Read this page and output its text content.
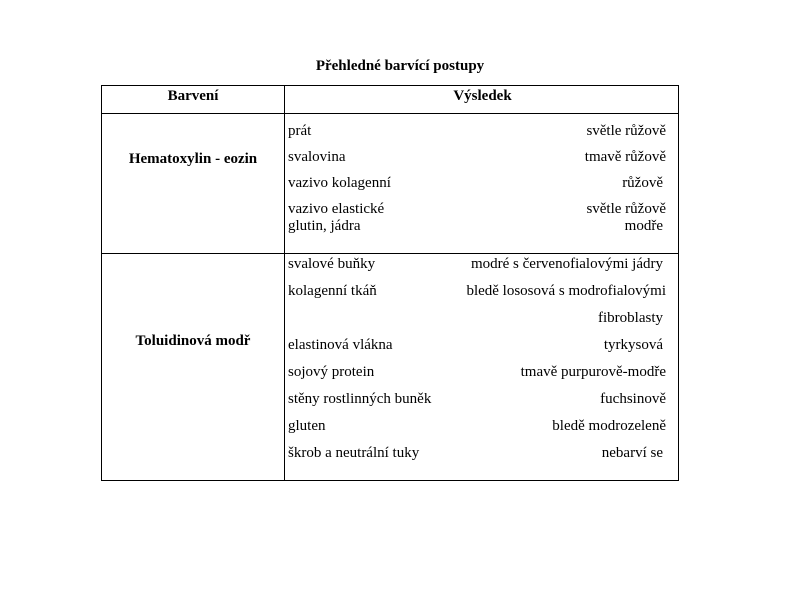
Přehledné barvící postupy
Barvení	Výsledek
Hematoxylin - eozin
prát	světle růžově
svalovina	tmavě růžově
vazivo kolagenní	růžově
vazivo elastické	světle růžově
glutin, jádra	modře
Toluidinová modř
svalové buňky	modré s červenofialovými jádry
kolagenní tkáň	bledě lososová s modrofialovými
fibroblasty
elastinová vlákna	tyrkysová
sojový protein	tmavě purpurově-modře
stěny rostlinných buněk	fuchsinově
gluten	bledě modrozeleně
škrob a neutrální tuky	nebarví se
